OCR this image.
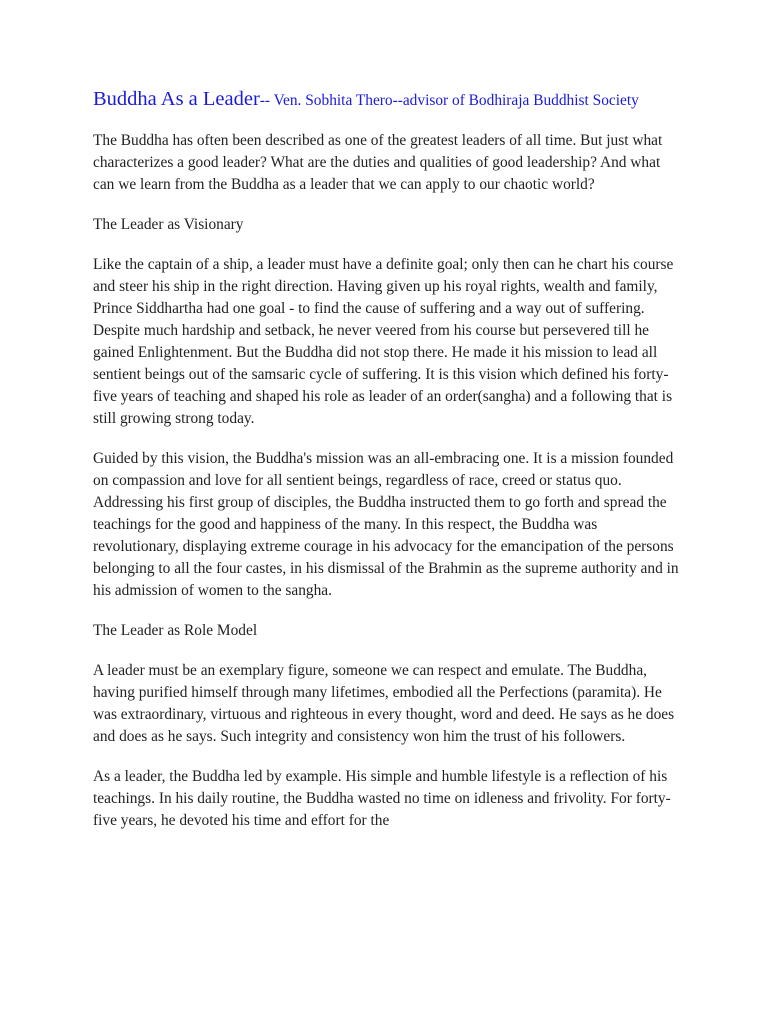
Buddha As a Leader-- Ven. Sobhita Thero--advisor of Bodhiraja Buddhist Society

The Buddha has often been described as one of the greatest leaders of all time. But just what characterizes a good leader? What are the duties and qualities of good leadership? And what can we learn from the Buddha as a leader that we can apply to our chaotic world?

The Leader as Visionary

Like the captain of a ship, a leader must have a definite goal; only then can he chart his course and steer his ship in the right direction. Having given up his royal rights, wealth and family, Prince Siddhartha had one goal - to find the cause of suffering and a way out of suffering. Despite much hardship and setback, he never veered from his course but persevered till he gained Enlightenment. But the Buddha did not stop there. He made it his mission to lead all sentient beings out of the samsaric cycle of suffering. It is this vision which defined his forty-five years of teaching and shaped his role as leader of an order(sangha) and a following that is still growing strong today.

Guided by this vision, the Buddha's mission was an all-embracing one. It is a mission founded on compassion and love for all sentient beings, regardless of race, creed or status quo. Addressing his first group of disciples, the Buddha instructed them to go forth and spread the teachings for the good and happiness of the many. In this respect, the Buddha was revolutionary, displaying extreme courage in his advocacy for the emancipation of the persons belonging to all the four castes, in his dismissal of the Brahmin as the supreme authority and in his admission of women to the sangha.

The Leader as Role Model

A leader must be an exemplary figure, someone we can respect and emulate. The Buddha, having purified himself through many lifetimes, embodied all the Perfections (paramita). He was extraordinary, virtuous and righteous in every thought, word and deed. He says as he does and does as he says. Such integrity and consistency won him the trust of his followers.

As a leader, the Buddha led by example. His simple and humble lifestyle is a reflection of his teachings. In his daily routine, the Buddha wasted no time on idleness and frivolity. For forty-five years, he devoted his time and effort for the
